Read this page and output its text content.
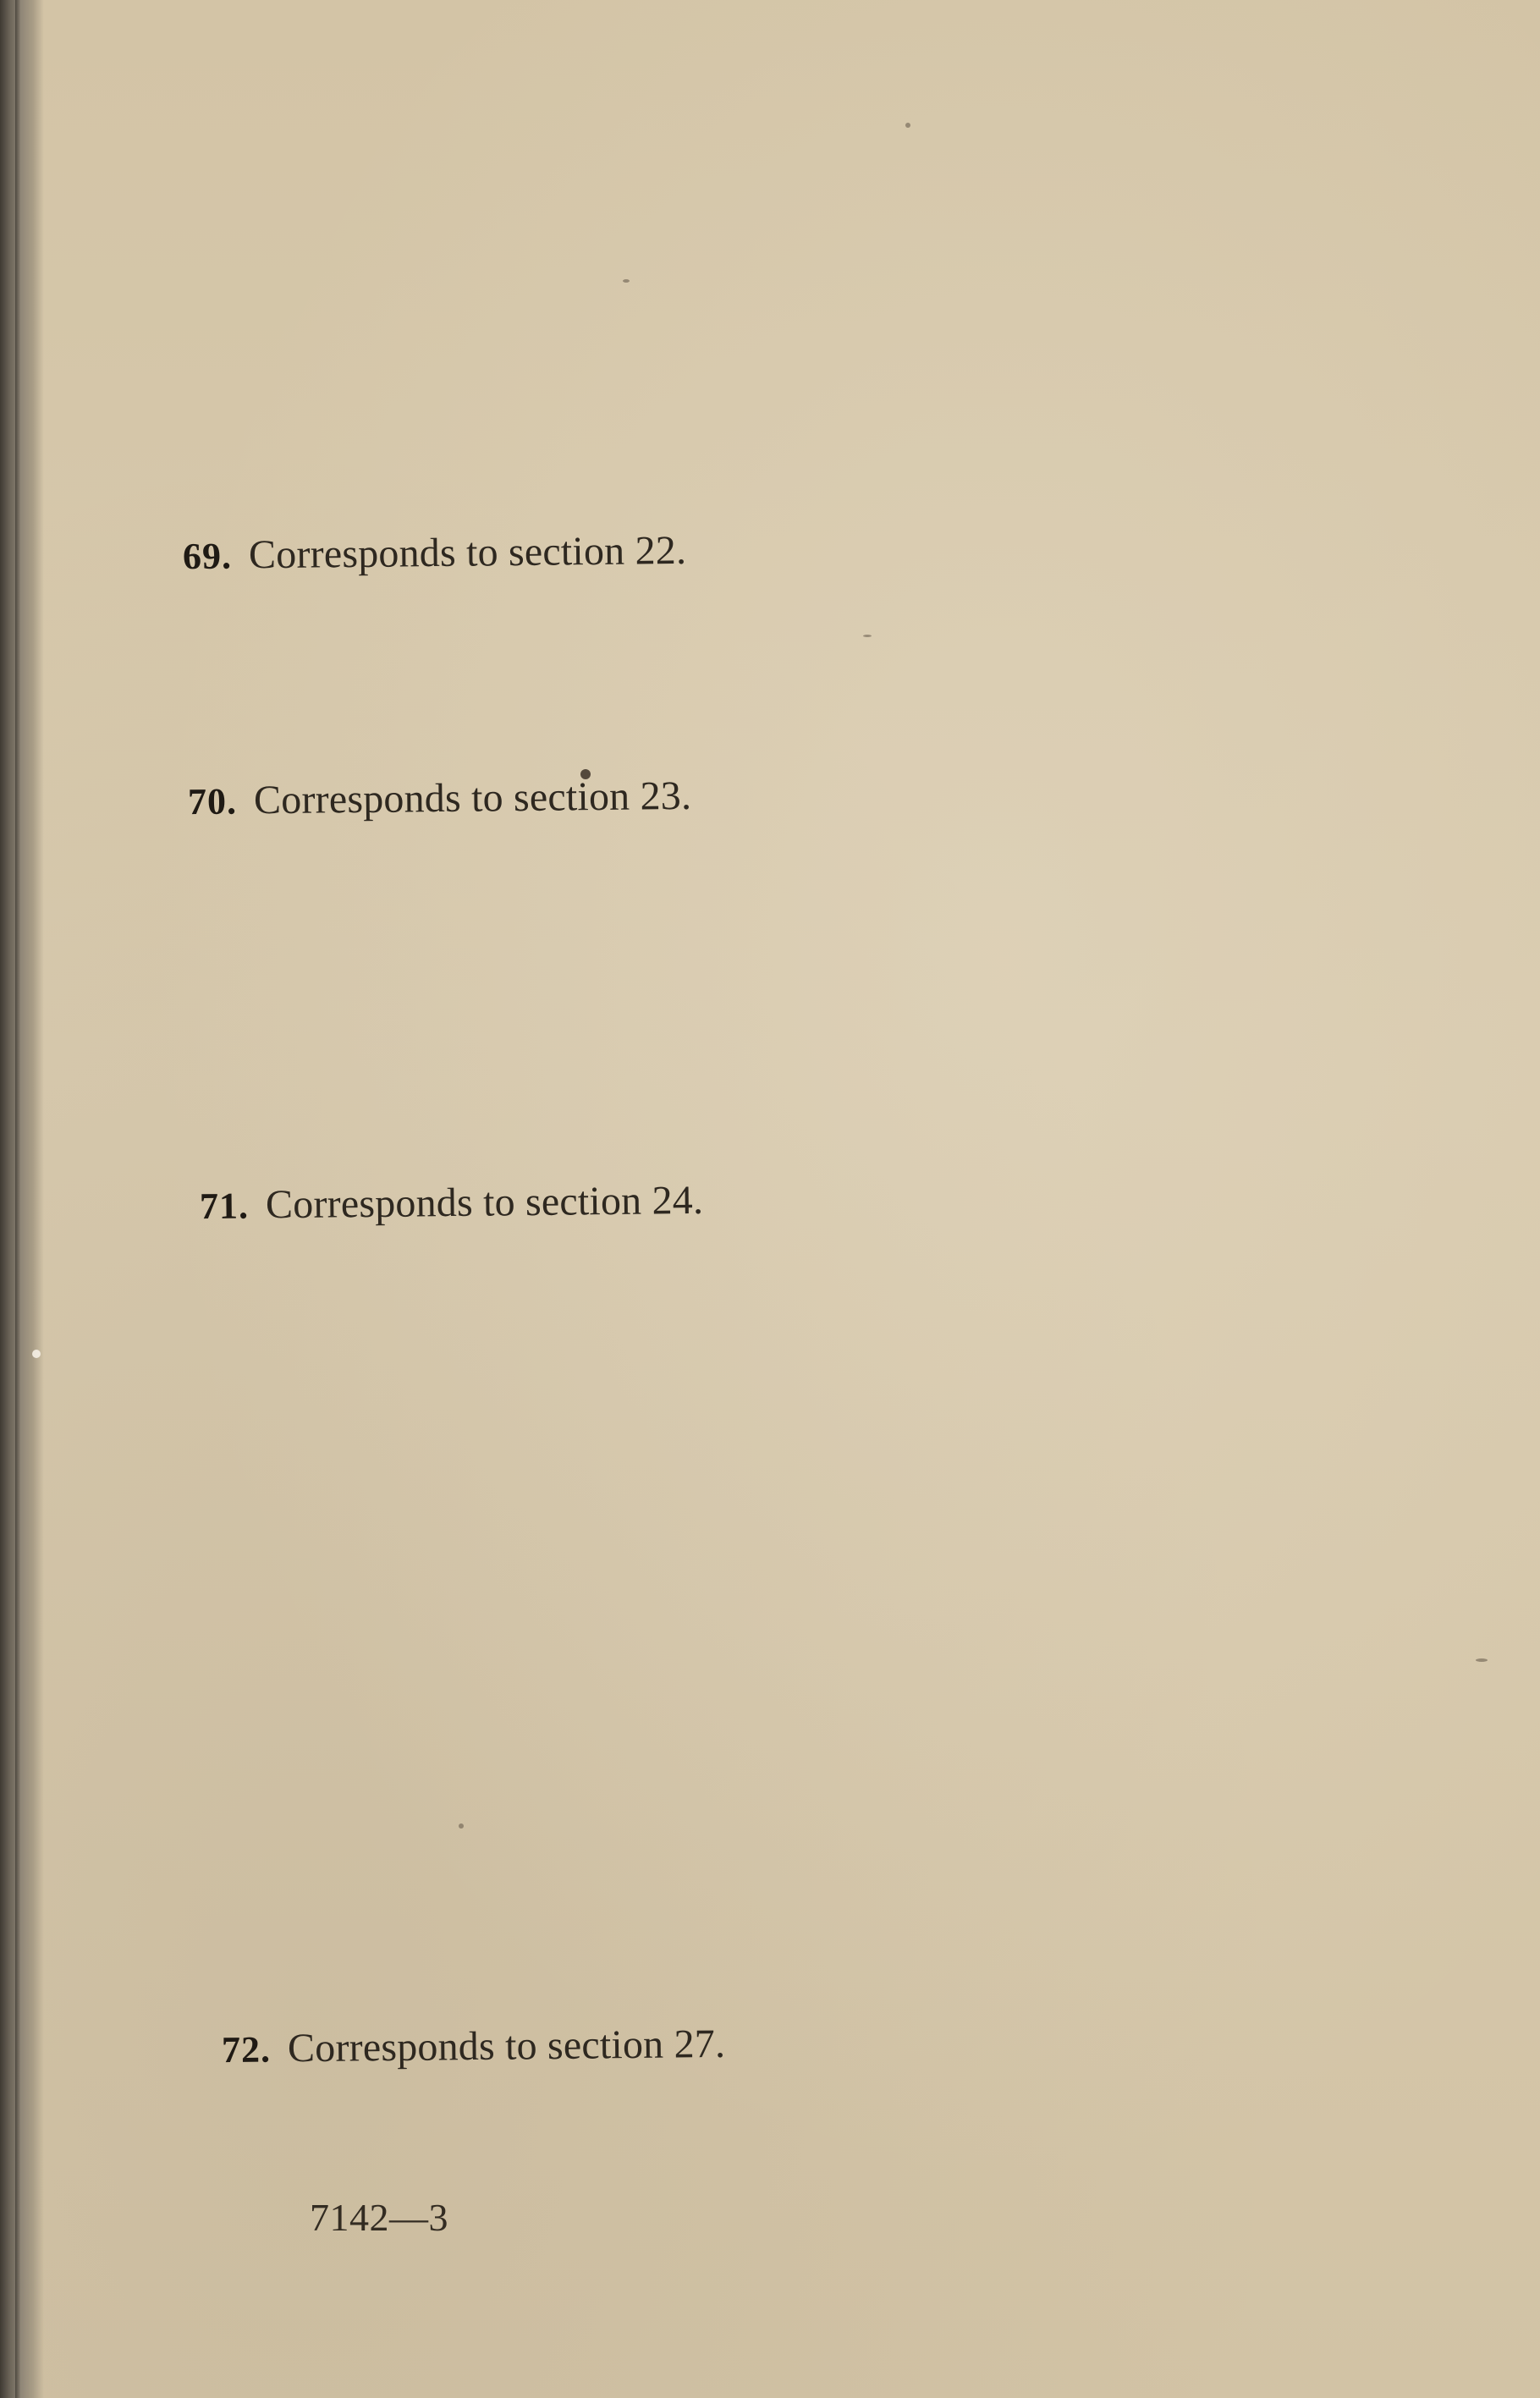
69. Corresponds to section 22.
70. Corresponds to section 23.
71. Corresponds to section 24.
72. Corresponds to section 27.
7142—3
